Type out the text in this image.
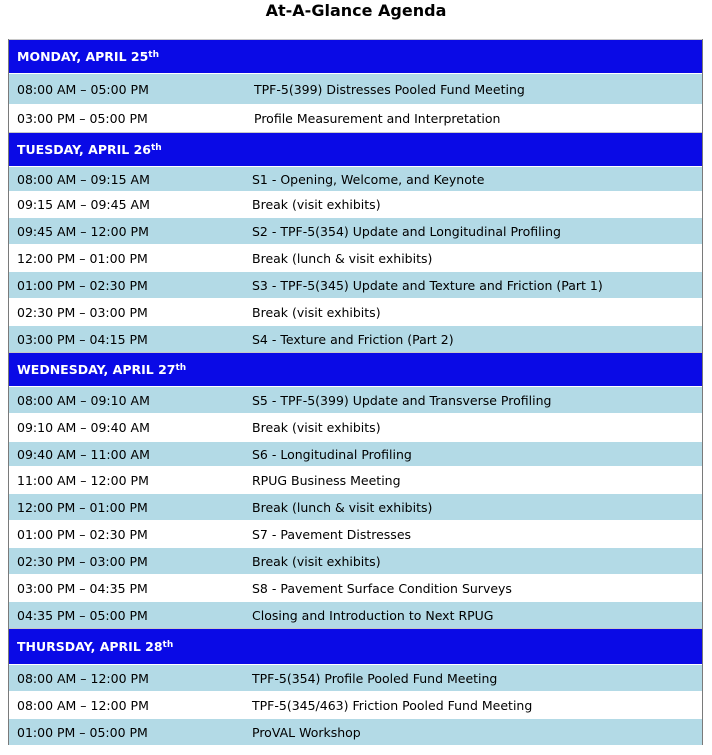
At-A-Glance Agenda
MONDAY, APRIL 25th
08:00 AM – 05:00 PM	TPF-5(399) Distresses Pooled Fund Meeting
03:00 PM – 05:00 PM	Profile Measurement and Interpretation
TUESDAY, APRIL 26th
08:00 AM – 09:15 AM	S1 - Opening, Welcome, and Keynote
09:15 AM – 09:45 AM	Break (visit exhibits)
09:45 AM – 12:00 PM	S2 - TPF-5(354) Update and Longitudinal Profiling
12:00 PM – 01:00 PM	Break (lunch & visit exhibits)
01:00 PM – 02:30 PM	S3 - TPF-5(345) Update and Texture and Friction (Part 1)
02:30 PM – 03:00 PM	Break (visit exhibits)
03:00 PM – 04:15 PM	S4 - Texture and Friction (Part 2)
WEDNESDAY, APRIL 27th
08:00 AM – 09:10 AM	S5 - TPF-5(399) Update and Transverse Profiling
09:10 AM – 09:40 AM	Break (visit exhibits)
09:40 AM – 11:00 AM	S6 - Longitudinal Profiling
11:00 AM – 12:00 PM	RPUG Business Meeting
12:00 PM – 01:00 PM	Break (lunch & visit exhibits)
01:00 PM – 02:30 PM	S7 - Pavement Distresses
02:30 PM – 03:00 PM	Break (visit exhibits)
03:00 PM – 04:35 PM	S8 - Pavement Surface Condition Surveys
04:35 PM – 05:00 PM	Closing and Introduction to Next RPUG
THURSDAY, APRIL 28th
08:00 AM – 12:00 PM	TPF-5(354) Profile Pooled Fund Meeting
08:00 AM – 12:00 PM	TPF-5(345/463) Friction Pooled Fund Meeting
01:00 PM – 05:00 PM	ProVAL Workshop
